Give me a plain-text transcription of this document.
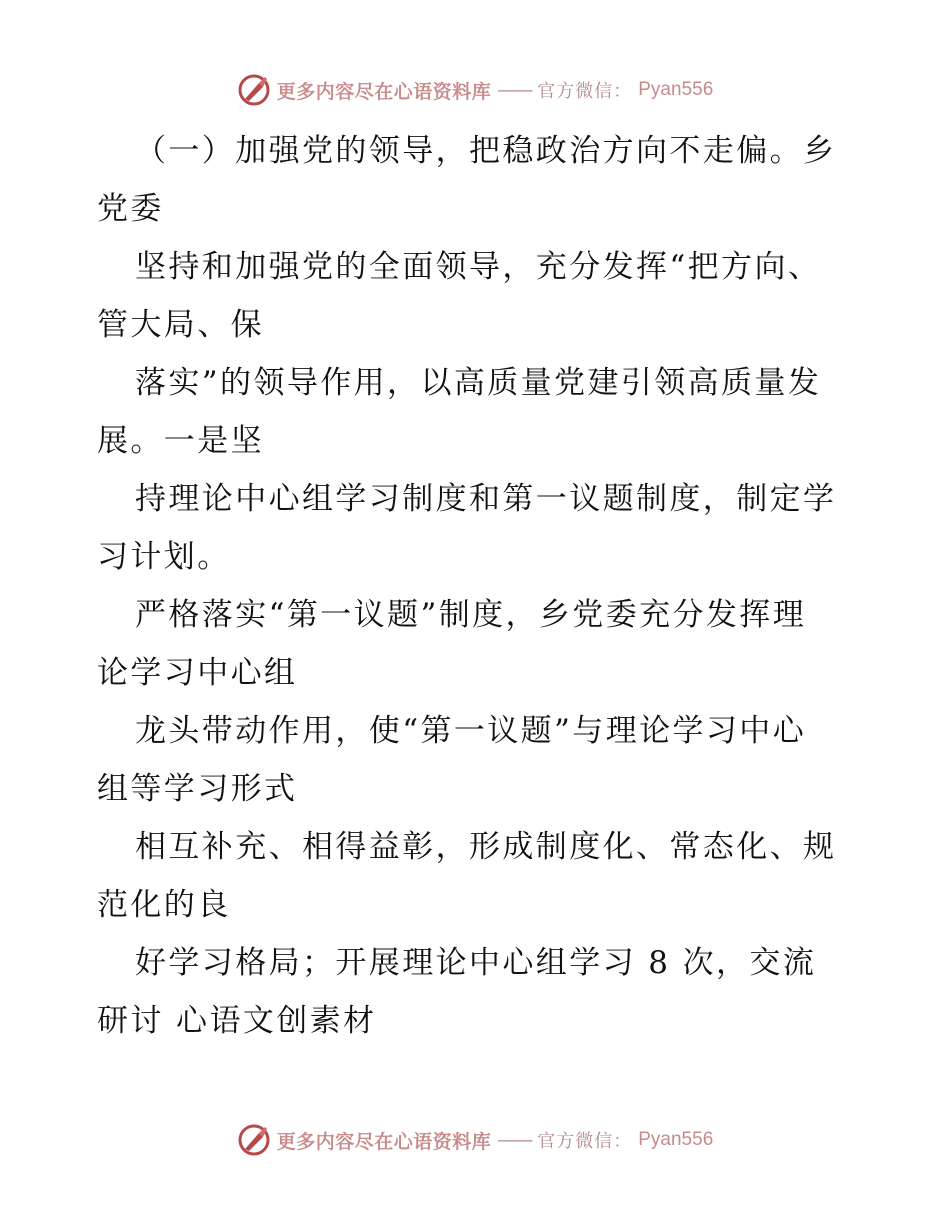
更多内容尽在心语资料库 —— 官方微信： Pyan556
（一）加强党的领导，把稳政治方向不走偏。乡
党委
坚持和加强党的全面领导，充分发挥“把方向、
管大局、保
落实”的领导作用，以高质量党建引领高质量发
展。一是坚
持理论中心组学习制度和第一议题制度，制定学
习计划。
严格落实“第一议题”制度，乡党委充分发挥理
论学习中心组
龙头带动作用，使“第一议题”与理论学习中心
组等学习形式
相互补充、相得益彰，形成制度化、常态化、规
范化的良
好学习格局；开展理论中心组学习 8 次，交流
研讨 心语文创素材
更多内容尽在心语资料库 —— 官方微信： Pyan556
